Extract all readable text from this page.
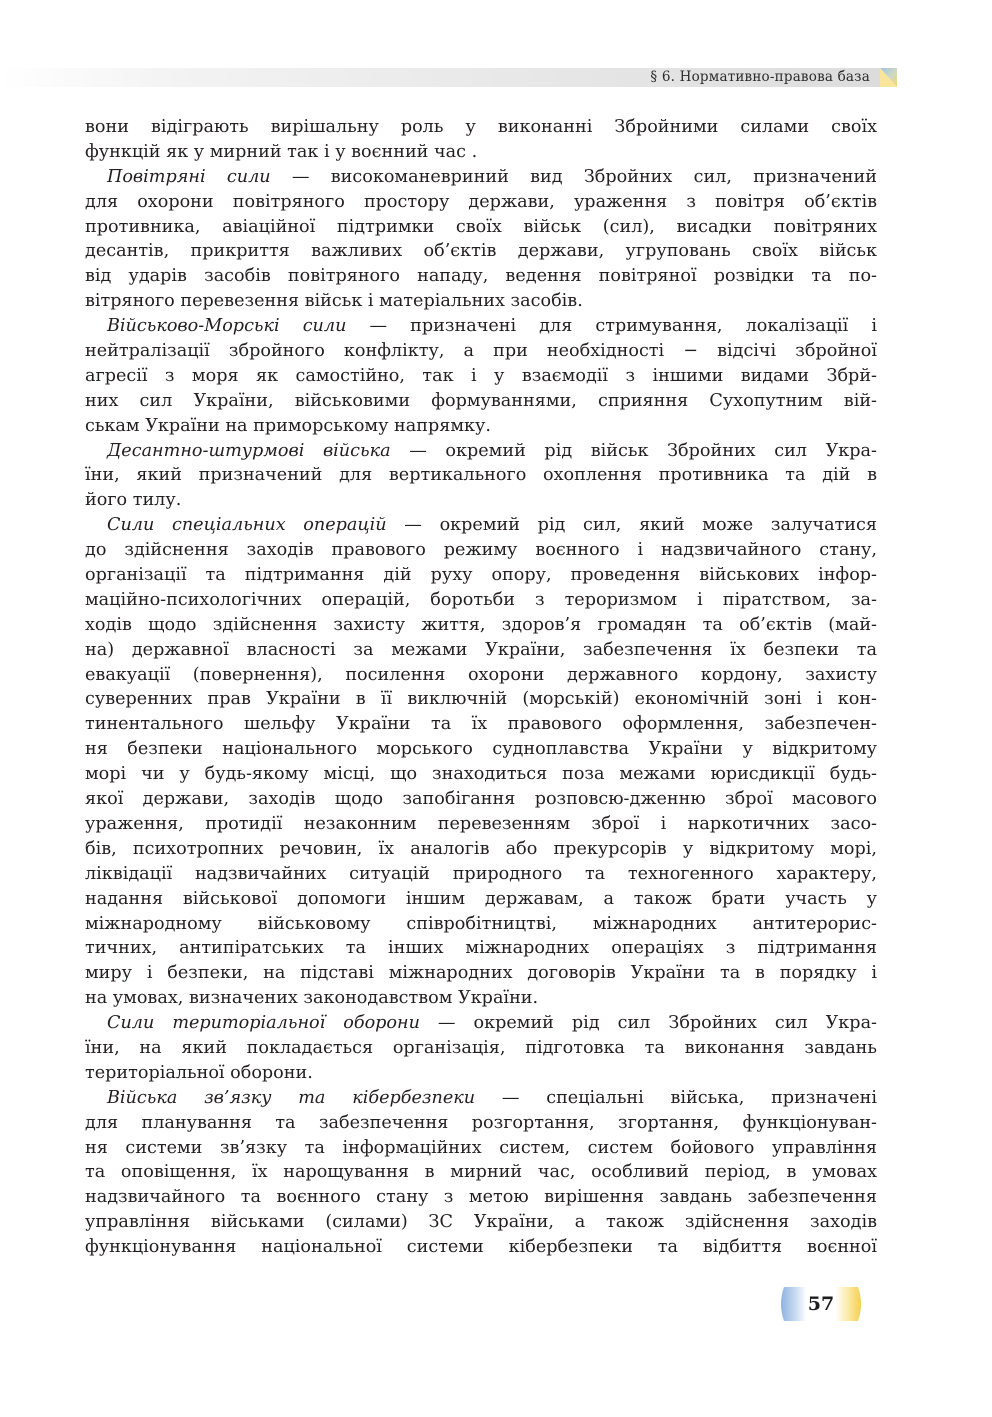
§ 6. Нормативно-правова база
вони відіграють вирішальну роль у виконанні Збройними силами своїх
функцій як у мирний так і у воєнний час .
Повітряні сили — високоманевриний вид Збройних сил, призначений
для охорони повітряного простору держави, ураження з повітря об’єктів
противника, авіаційної підтримки своїх військ (сил), висадки повітряних
десантів, прикриття важливих об’єктів держави, угруповань своїх військ
від ударів засобів повітряного нападу, ведення повітряної розвідки та по-
вітряного перевезення військ і матеріальних засобів.
Військово-Морські сили — призначені для стримування, локалізації і
нейтралізації збройного конфлікту, а при необхідності − відсічі збройної
агресії з моря як самостійно, так і у взаємодії з іншими видами Збрй-
них сил України, військовими формуваннями, сприяння Сухопутним вій-
ськам України на приморському напрямку.
Десантно-штурмові війська — окремий рід військ Збройних сил Укра-
їни, який призначений для вертикального охоплення противника та дій в
його тилу.
Сили спеціальних операцій — окремий рід сил, який може залучатися
до здійснення заходів правового режиму воєнного і надзвичайного стану,
організації та підтримання дій руху опору, проведення військових інфор-
маційно-психологічних операцій, боротьби з тероризмом і піратством, за-
ходів щодо здійснення захисту життя, здоров’я громадян та об’єктів (май-
на) державної власності за межами України, забезпечення їх безпеки та
евакуації (повернення), посилення охорони державного кордону, захисту
суверенних прав України в її виключній (морській) економічній зоні і кон-
тинентального шельфу України та їх правового оформлення, забезпечен-
ня безпеки національного морського судноплавства України у відкритому
морі чи у будь-якому місці, що знаходиться поза межами юрисдикції будь-
якої держави, заходів щодо запобігання розповсю-дженню зброї масового
ураження, протидії незаконним перевезенням зброї і наркотичних засо-
бів, психотропних речовин, їх аналогів або прекурсорів у відкритому морі,
ліквідації надзвичайних ситуацій природного та техногенного характеру,
надання військової допомоги іншим державам, а також брати участь у
міжнародному військовому співробітництві, міжнародних антитерорис-
тичних, антипіратських та інших міжнародних операціях з підтримання
миру і безпеки, на підставі міжнародних договорів України та в порядку і
на умовах, визначених законодавством України.
Сили територіальної оборони — окремий рід сил Збройних сил Укра-
їни, на який покладається організація, підготовка та виконання завдань
територіальної оборони.
Війська зв’язку та кібербезпеки — спеціальні війська, призначені
для планування та забезпечення розгортання, згортання, функціонуван-
ня системи зв’язку та інформаційних систем, систем бойового управління
та оповіщення, їх нарощування в мирний час, особливий період, в умовах
надзвичайного та воєнного стану з метою вирішення завдань забезпечення
управління військами (силами) ЗС України, а також здійснення заходів
функціонування національної системи кібербезпеки та відбиття воєнної
57
